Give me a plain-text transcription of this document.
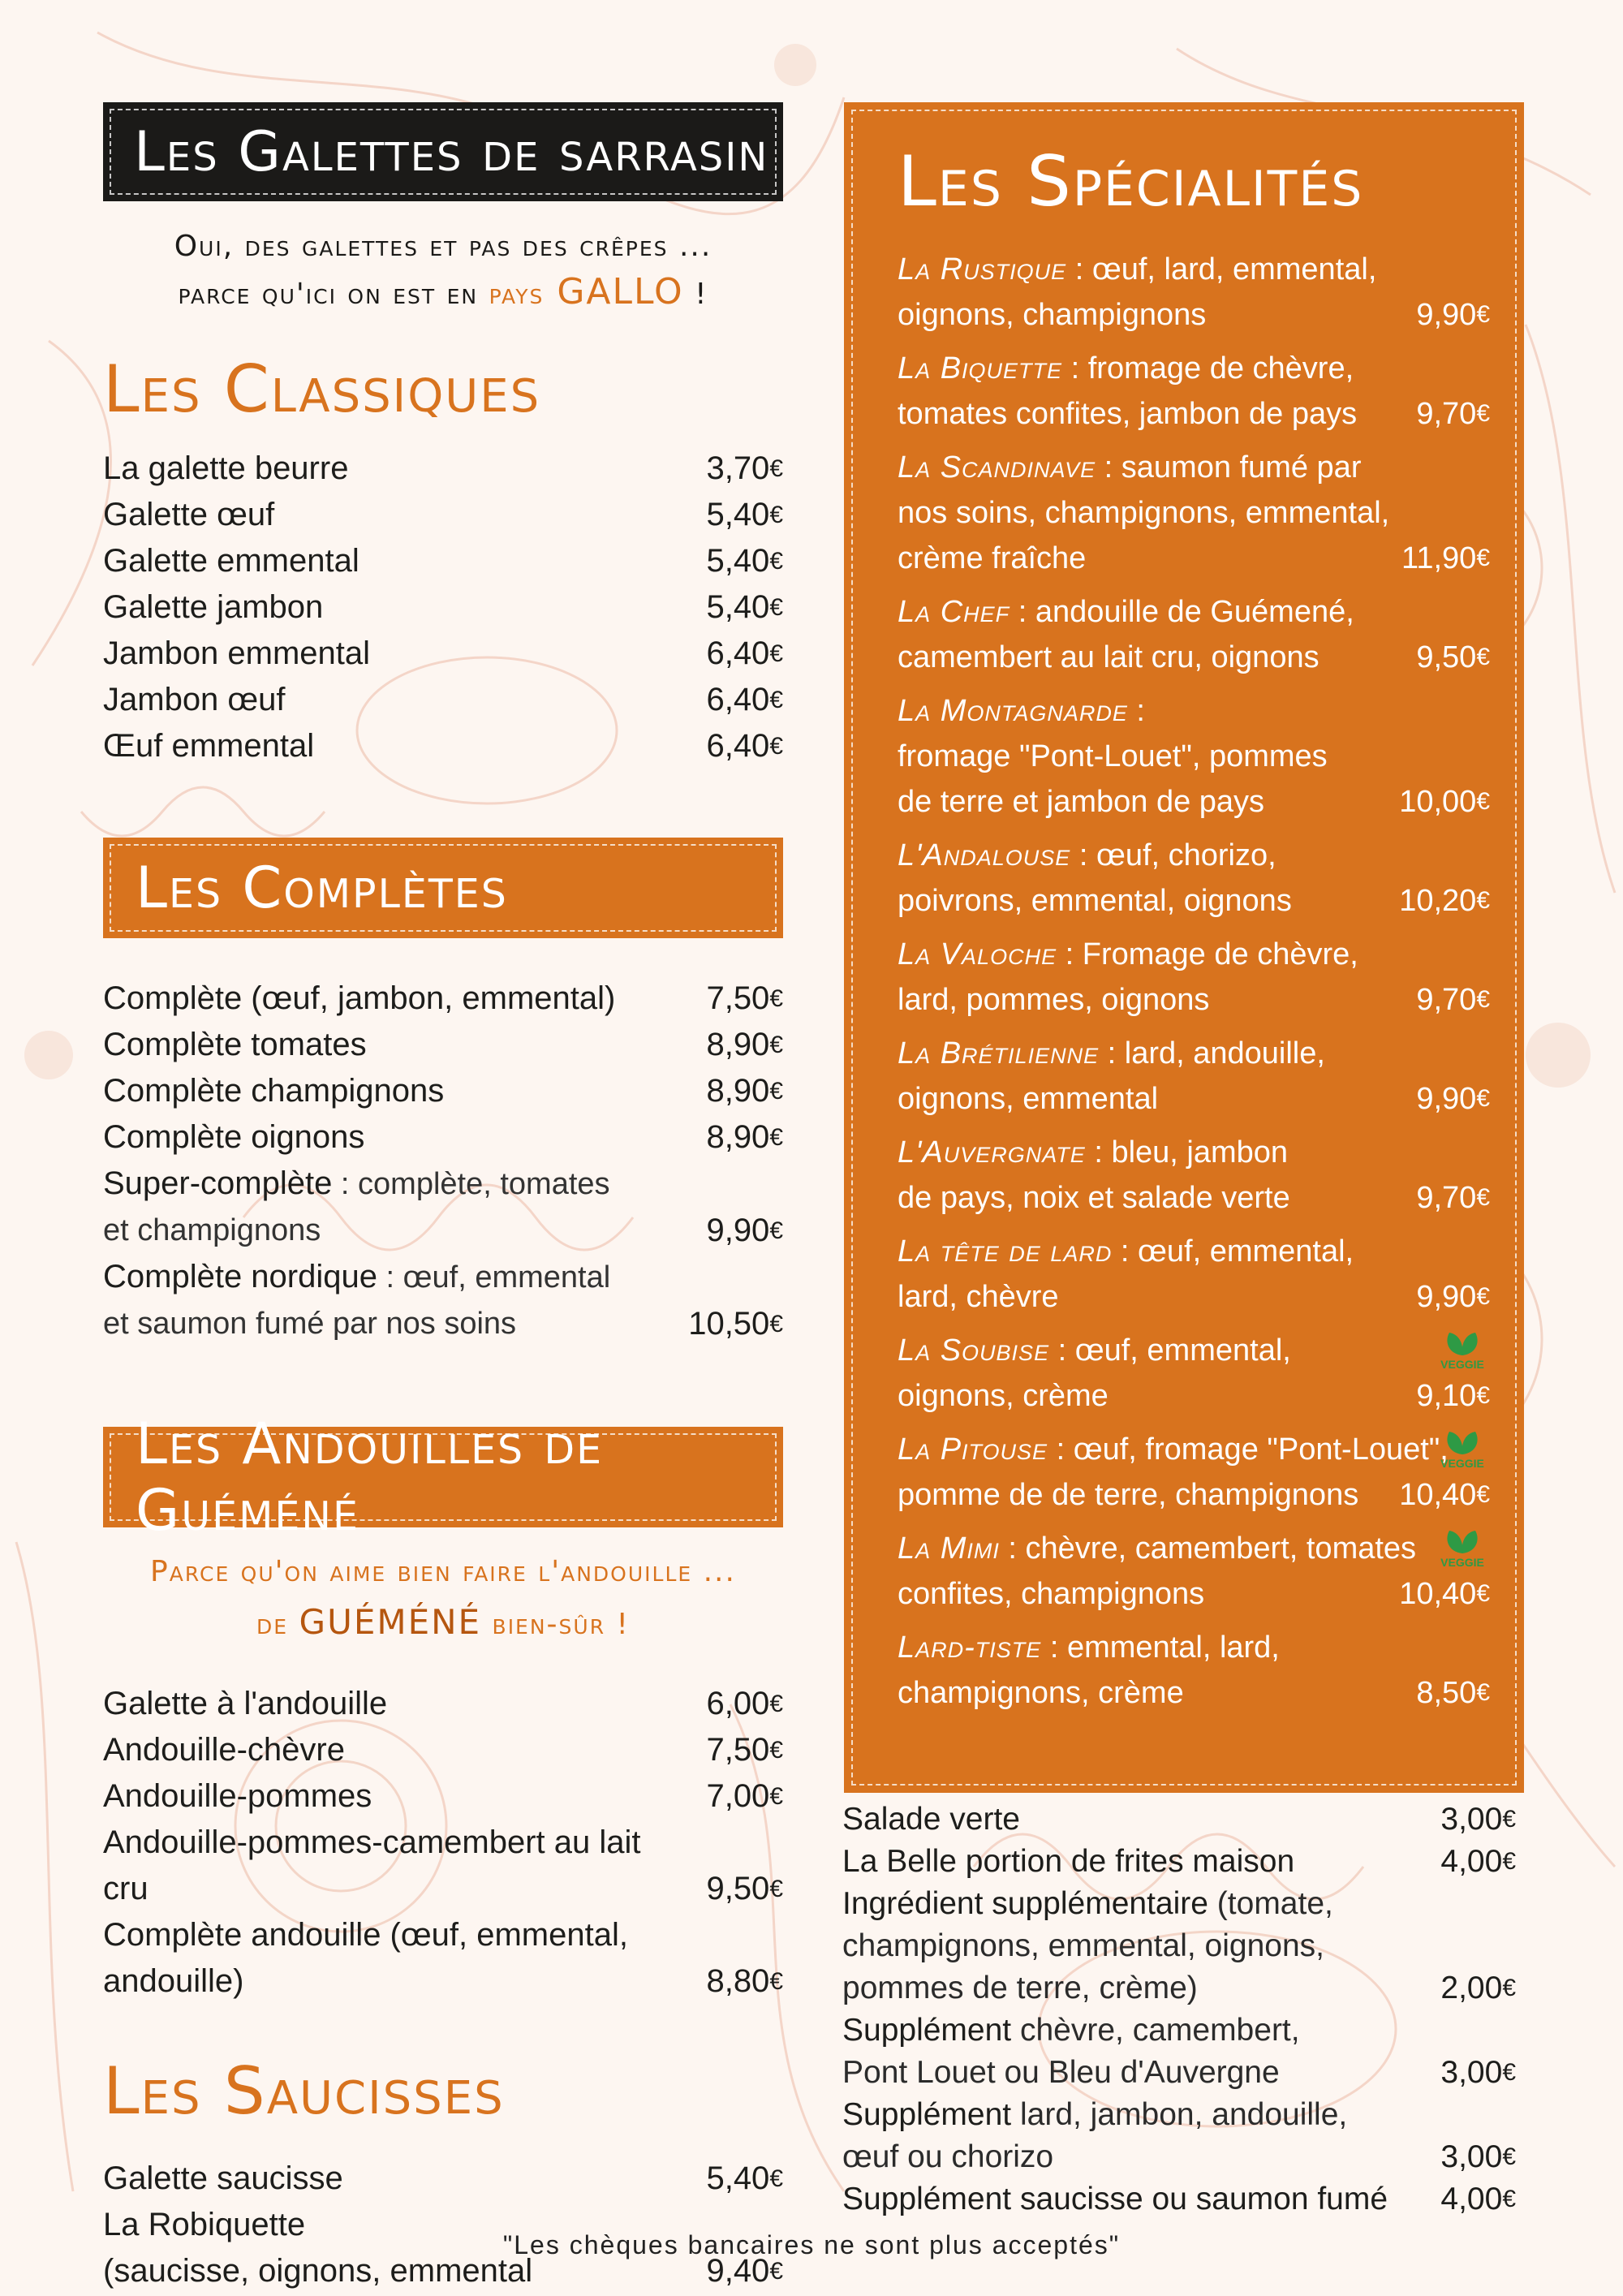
Les Galettes de sarrasin
Oui, des galettes et pas des crêpes ...
parce qu'ici on est en pays GALLO !
Les Classiques
La galette beurre	3,70€
Galette œuf	5,40€
Galette emmental	5,40€
Galette jambon	5,40€
Jambon emmental	6,40€
Jambon œuf	6,40€
Œuf emmental	6,40€
Les Complètes
Complète (œuf, jambon, emmental)	7,50€
Complète tomates	8,90€
Complète champignons	8,90€
Complète oignons	8,90€
Super-complète : complète, tomates
et champignons	9,90€
Complète nordique : œuf, emmental
et saumon fumé par nos soins	10,50€
Les Andouilles de Guéméné
Parce qu'on aime bien faire l'andouille ...
de GUÉMÉNÉ bien-sûr !
Galette à l'andouille	6,00€
Andouille-chèvre	7,50€
Andouille-pommes	7,00€
Andouille-pommes-camembert au lait cru	9,50€
Complète andouille (œuf, emmental,
andouille)	8,80€
Les Saucisses
Galette saucisse	5,40€
La Robiquette
(saucisse, oignons, emmental	9,40€
Les Spécialités
La Rustique : œuf, lard, emmental,
oignons, champignons	9,90€
La Biquette : fromage de chèvre,
tomates confites, jambon de pays	9,70€
La Scandinave : saumon fumé par
nos soins, champignons, emmental,
crème fraîche	11,90€
La Chef : andouille de Guémené,
camembert au lait cru, oignons	9,50€
La Montagnarde :
fromage "Pont-Louet", pommes
de terre et jambon de pays	10,00€
L'Andalouse : œuf, chorizo,
poivrons, emmental, oignons	10,20€
La Valoche : Fromage de chèvre,
lard, pommes, oignons	9,70€
La Brétilienne : lard, andouille,
oignons, emmental	9,90€
L'Auvergnate : bleu, jambon
de pays, noix et salade verte	9,70€
La tête de lard : œuf, emmental,
lard, chèvre	9,90€
La Soubise : œuf, emmental,
oignons, crème	9,10€
VEGGIE
La Pitouse : œuf, fromage "Pont-Louet",
pomme de de terre, champignons	10,40€
VEGGIE
La Mimi : chèvre, camembert, tomates
confites, champignons	10,40€
VEGGIE
Lard-tiste : emmental, lard,
champignons, crème	8,50€
Salade verte	3,00€
La Belle portion de frites maison	4,00€
Ingrédient supplémentaire (tomate,
champignons, emmental, oignons,
pommes de terre, crème)	2,00€
Supplément chèvre, camembert,
Pont Louet ou Bleu d'Auvergne	3,00€
Supplément lard, jambon, andouille,
œuf ou chorizo	3,00€
Supplément saucisse ou saumon fumé 4,00€
"Les chèques bancaires ne sont plus acceptés"
